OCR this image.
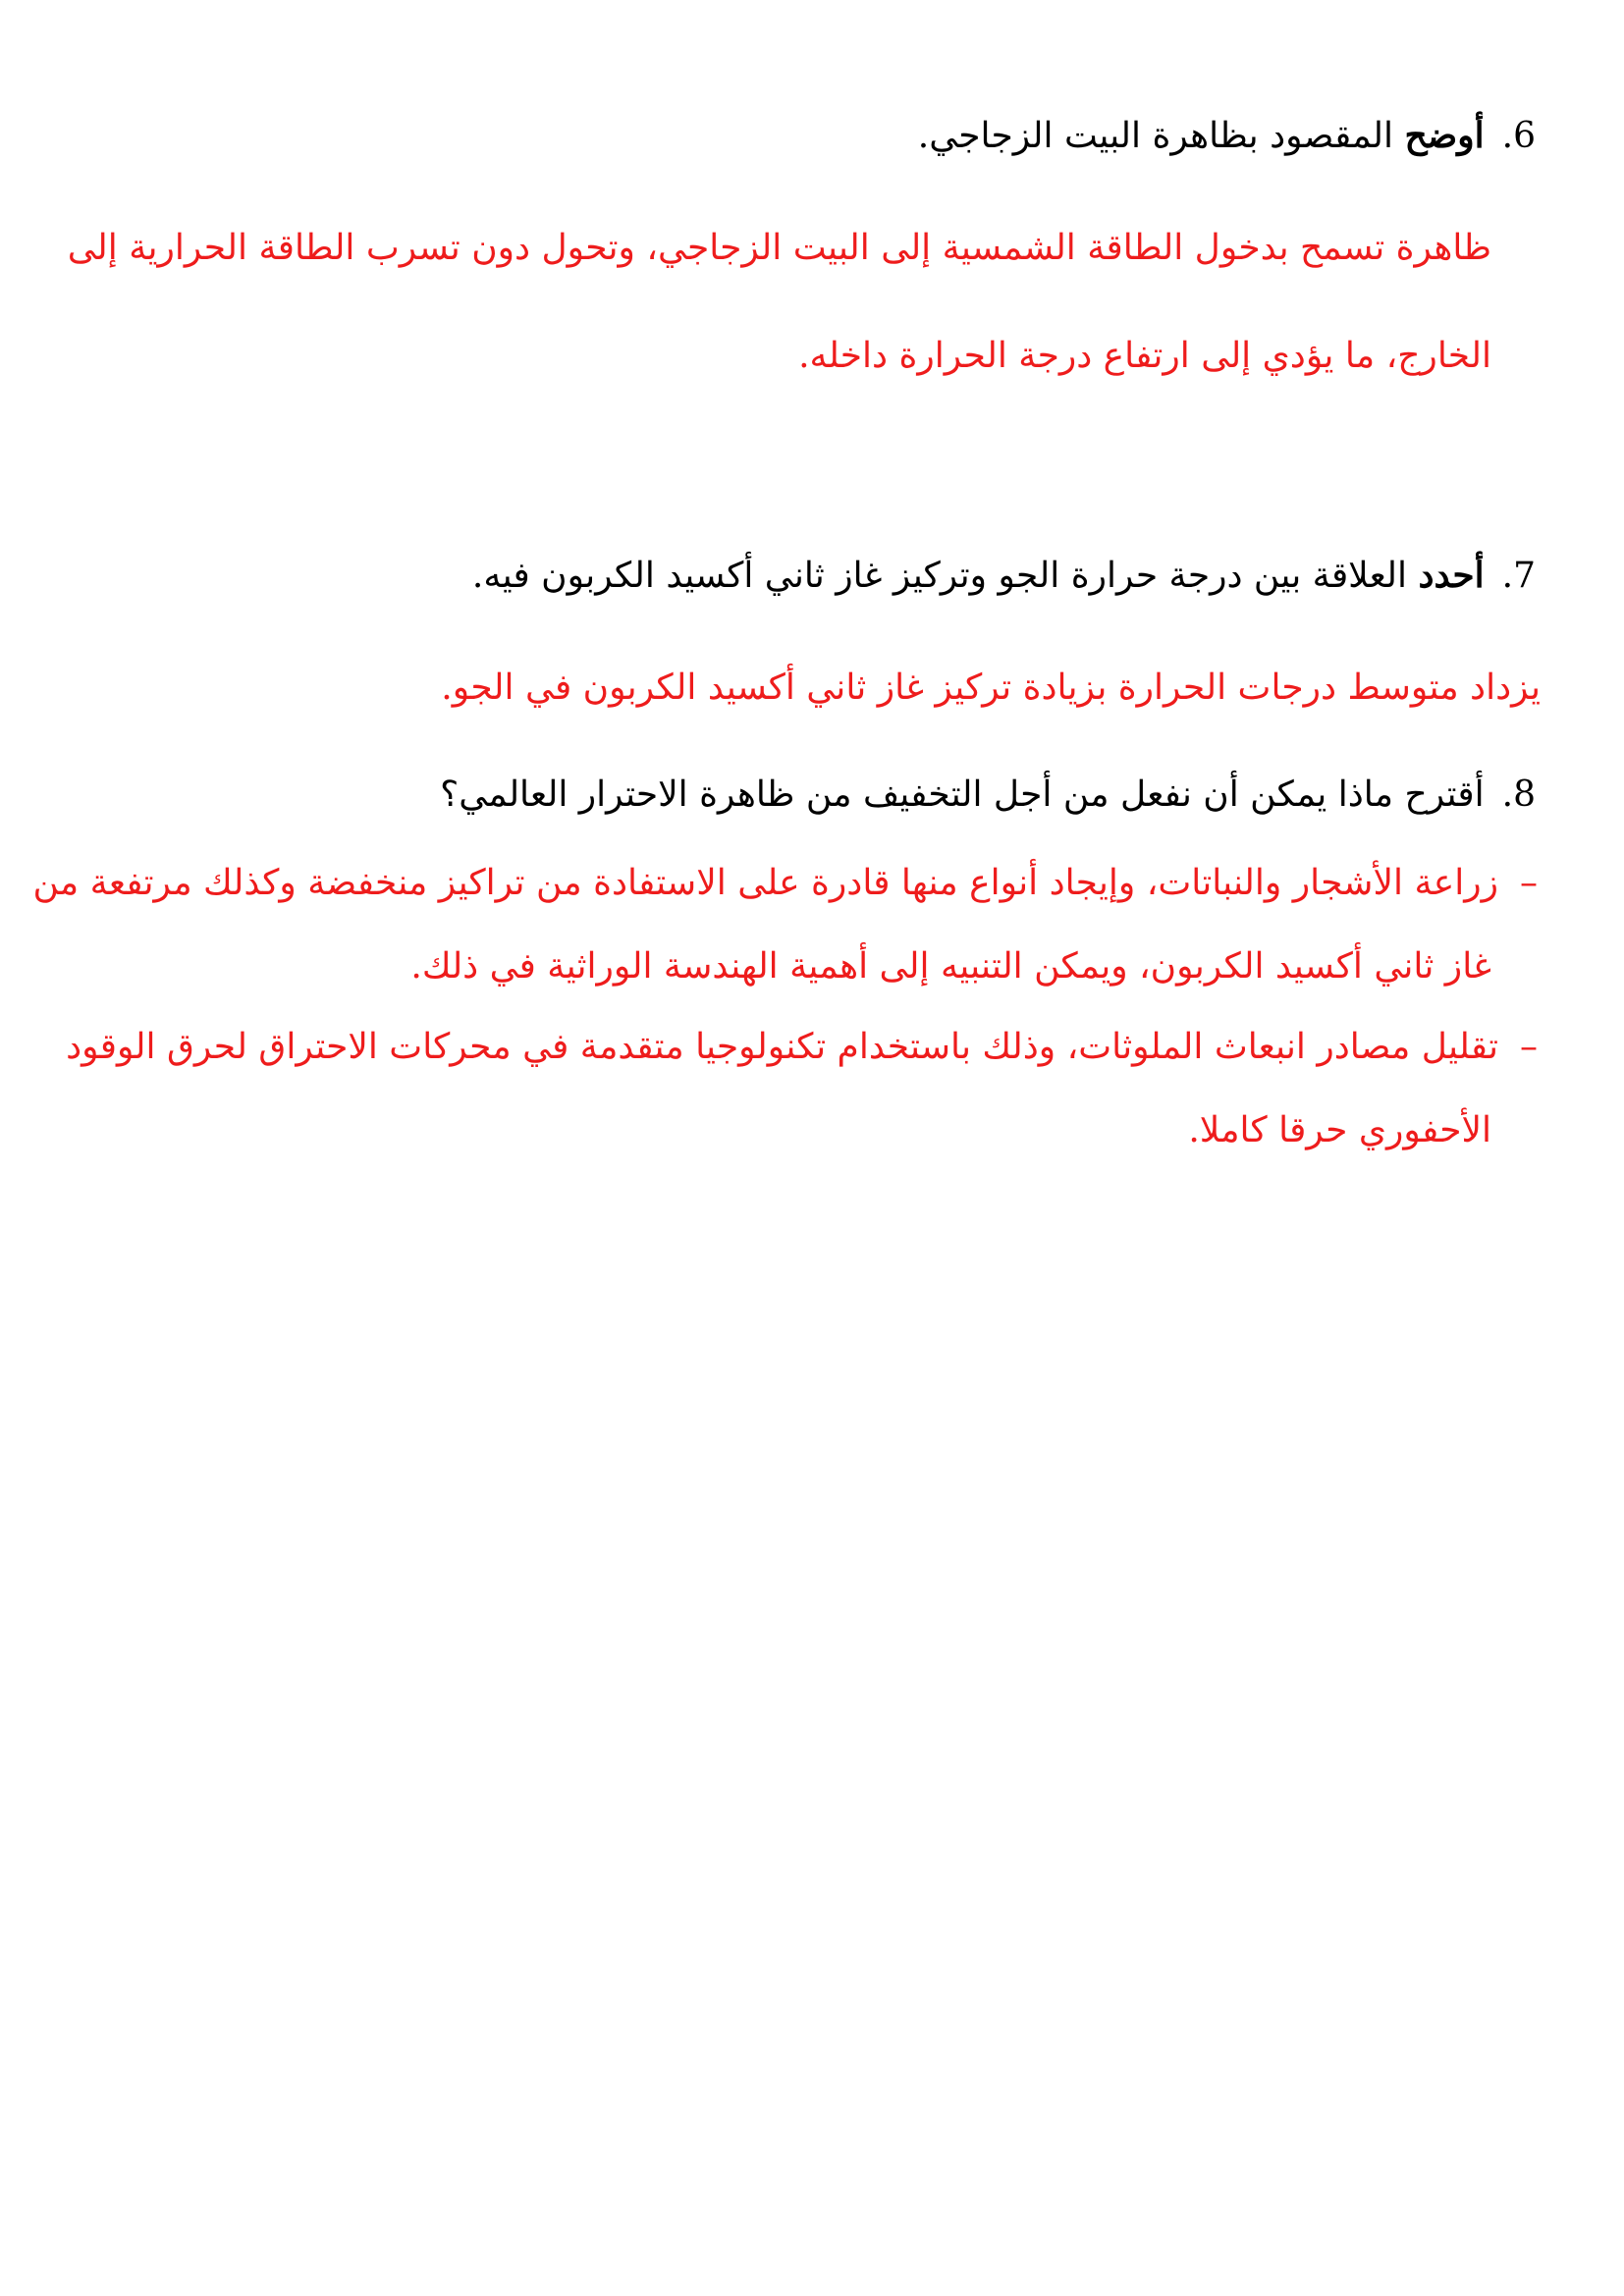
6.أوضح المقصود بظاهرة البيت الزجاجي.
ظاهرة تسمح بدخول الطاقة الشمسية إلى البيت الزجاجي، وتحول دون تسرب الطاقة الحرارية إلى
الخارج، ما يؤدي إلى ارتفاع درجة الحرارة داخله.
7.أحدد العلاقة بين درجة حرارة الجو وتركيز غاز ثاني أكسيد الكربون فيه.
يزداد متوسط درجات الحرارة بزيادة تركيز غاز ثاني أكسيد الكربون في الجو.
8.أقترح ماذا يمكن أن نفعل من أجل التخفيف من ظاهرة الاحترار العالمي؟
–زراعة الأشجار والنباتات، وإيجاد أنواع منها قادرة على الاستفادة من تراكيز منخفضة وكذلك مرتفعة من
غاز ثاني أكسيد الكربون، ويمكن التنبيه إلى أهمية الهندسة الوراثية في ذلك.
–تقليل مصادر انبعاث الملوثات، وذلك باستخدام تكنولوجيا متقدمة في محركات الاحتراق لحرق الوقود
الأحفوري حرقا كاملا.
